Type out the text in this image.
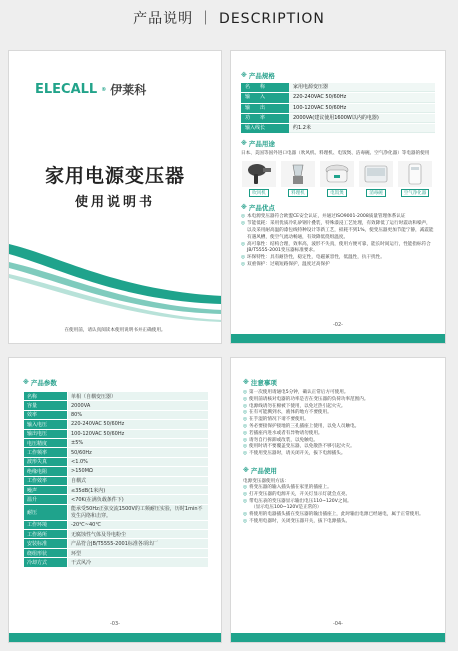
产品说明 ｜ DESCRIPTION
ELECALL ® 伊莱科
家用电源变压器
使用说明书
在使用前，请认真阅读本使用说明书并正确使用。
※ 产品规格
名　　称	家用电源变压器
输　　入	220-240VAC 50/60Hz
输　　出	100-120VAC 50/60Hz
功　　率	2000VA(建议使用1600W以内的电器)
输入线长	约1.2米
※ 产品用途
日本、美国等国外进口电器（吹风机、料理机、电饭煲、洁毒碗、空气净化器）等电器的使用
吹风机	料理机	电饭煲	消毒碗	空气净化器
※ 产品优点
◎ 本电源变压器符合欧盟CE安全认证，并通过ISO9001-2008质量管理体系认证
◎ 节能低耗：采用优质冷轧矽钢片叠装，特殊漆浸工艺处理，有效降低了运行时震动和噪声，以及采用耐高温的漆包线特种设计等新工艺，损耗不到1%，使变压器更加节能宁静，减震能有遇风槽，使空气流动畅通，有效降低绕组温度。
◎ 高可靠性：结构合理，效率高，波形不失真，使用方便可靠，能长时间运行，性能指标符合JB/T5555-2001变压器标准要求。
◎ 环保特性：具有耐热性，稳定性，电磁兼容性，低温性，抗干扰性。
◎ 双重保护：过载短路保护，温度过高保护
-02-
※ 产品参数
名称	单相（自耦变压器）
容量	2000VA
效率	80%
输入电压	220-240VAC 50/60Hz
输出电压	100-120VAC 50/60Hz
电压精度	±5%
工作频率	50/60Hz
波形失真	<1.0%
绝缘电阻	>150MΩ
工作效率	自耦式
噪声	≤35dB(1米内)
温升	<70K(在满负载条件下)
耐压	能承受50Hz正弦交流1500V的工频耐压实验，历时1min不发生闪络和击穿。
工作环境	-20℃~40℃
工作场所	无腐蚀性气体及导电粉尘
安装标准	产品符合JB/T5555-2001标准各项出厂
绕组形状	环型
冷却方式	干式风冷
-03-
※ 注意事项
◎ 第一次使用请通电5分钟，确认正常后方可使用。
◎ 使用前请核对电器的功率是否在变压器的负荷功率范围内。
◎ 电源线请勿在棉被下使用，以免过热引起火灾。
◎ 在有可能溅到水，液体的地方不要使用。
◎ 在手湿的情况下请不要使用。
◎ 务必要接保护接地的三孔插座上使用，以免人员触电。
◎ 若插座内进水或者有异物请勿使用。
◎ 请勿自行拆卸或改装，以免触电。
◎ 使用时请不要覆盖变压器，以免散热不够引起火灾。
◎ 不使用变压器时，请关闭开关，拔下电源插头。
※ 产品使用
电源变压器使用方法：
◎ 将变压器的输入插头插在家里的插座上。
◎ 打开变压器的电源开关，开关灯显示灯就会点亮。
◎ 带电压表的变压器显示输出电压110~120V之间。
（显示电压100~120V是正常的）
◎ 将使用的电器插头插在变压器的输出插座上，此时输出电源已经通电，属于正常使用。
◎ 不使用电器时，关闭变压器开关，拔下电源插头。
-04-
